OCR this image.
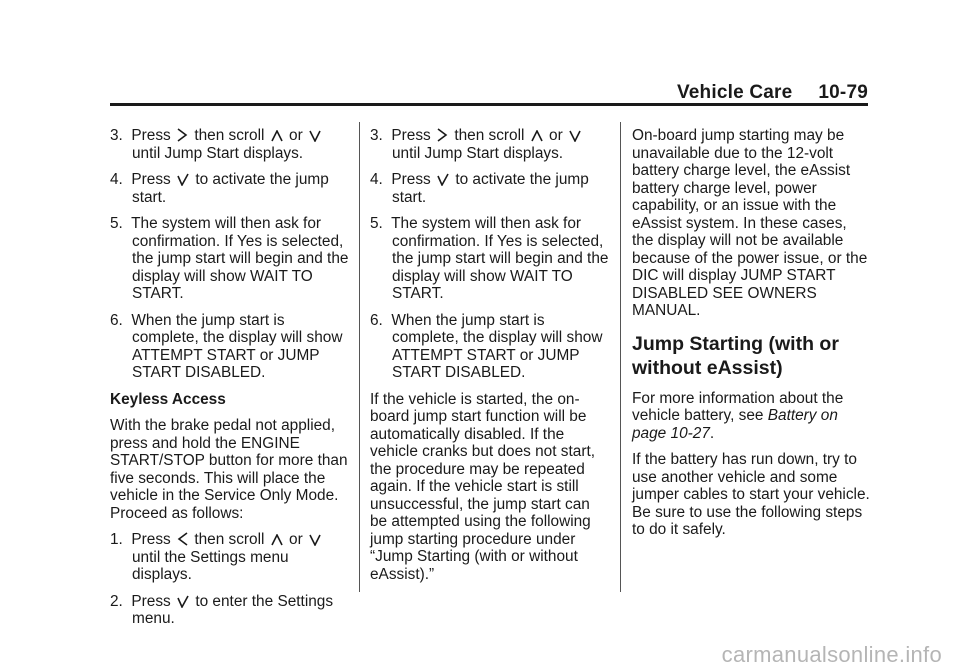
Vehicle Care 10-79
3. Press then scroll or
until Jump Start displays.
4. Press to activate the jump start.
5. The system will then ask for confirmation. If Yes is selected, the jump start will begin and the display will show WAIT TO START.
6. When the jump start is complete, the display will show ATTEMPT START or JUMP START DISABLED.

Keyless Access

With the brake pedal not applied, press and hold the ENGINE START/STOP button for more than five seconds. This will place the vehicle in the Service Only Mode. Proceed as follows:

1. Press then scroll or
until the Settings menu displays.
2. Press to enter the Settings menu.
3. Press then scroll or
until Jump Start displays.
4. Press to activate the jump start.
5. The system will then ask for confirmation. If Yes is selected, the jump start will begin and the display will show WAIT TO START.
6. When the jump start is complete, the display will show ATTEMPT START or JUMP START DISABLED.

If the vehicle is started, the on-board jump start function will be automatically disabled. If the vehicle cranks but does not start, the procedure may be repeated again. If the vehicle start is still unsuccessful, the jump start can be attempted using the following jump starting procedure under “Jump Starting (with or without eAssist).”

On-board jump starting may be unavailable due to the 12-volt battery charge level, the eAssist battery charge level, power capability, or an issue with the eAssist system. In these cases, the display will not be available because of the power issue, or the DIC will display JUMP START DISABLED SEE OWNERS MANUAL.

Jump Starting (with or without eAssist)

For more information about the vehicle battery, see Battery on page 10-27.

If the battery has run down, try to use another vehicle and some jumper cables to start your vehicle. Be sure to use the following steps to do it safely.

carmanualsonline.info
